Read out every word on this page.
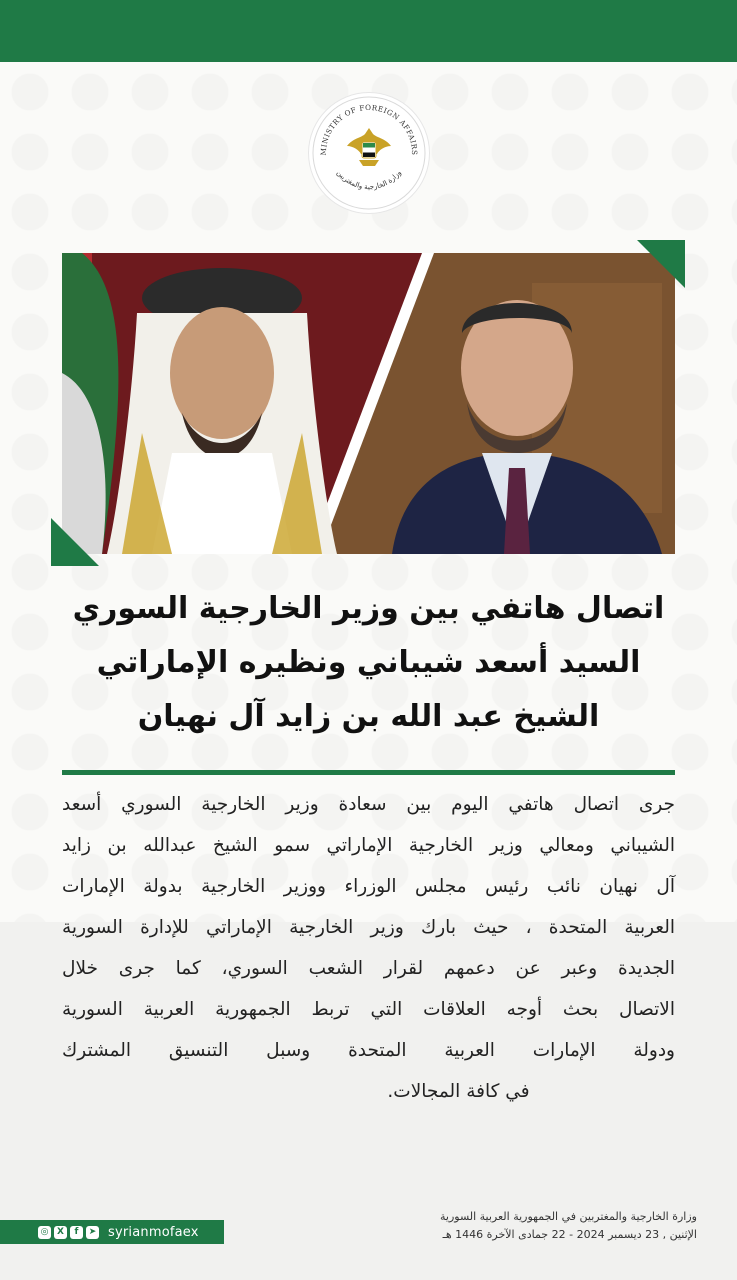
MINISTRY OF FOREIGN AFFAIRS
وزارة الخارجية والمغتربين
اتصال هاتفي بين وزير الخارجية السوري
السيد أسعد شيباني ونظيره الإماراتي
الشيخ عبد الله بن زايد آل نهيان
جرى اتصال هاتفي اليوم بين سعادة وزير الخارجية السوري أسعد
الشيباني ومعالي وزير الخارجية الإماراتي سمو الشيخ عبدالله بن زايد
آل نهيان نائب رئيس مجلس الوزراء ووزير الخارجية بدولة الإمارات
العربية المتحدة ، حيث بارك وزير الخارجية الإماراتي للإدارة السورية
الجديدة وعبر عن دعمهم لقرار الشعب السوري، كما جرى خلال
الاتصال بحث أوجه العلاقات التي تربط الجمهورية العربية السورية
ودولة الإمارات العربية المتحدة وسبل التنسيق المشترك
في كافة المجالات.
وزارة الخارجية والمغتربين في الجمهورية العربية السورية
الإثنين , 23 ديسمبر 2024 - 22 جمادى الآخرة 1446 هـ
◎ X	f	➤ syrianmofaex
